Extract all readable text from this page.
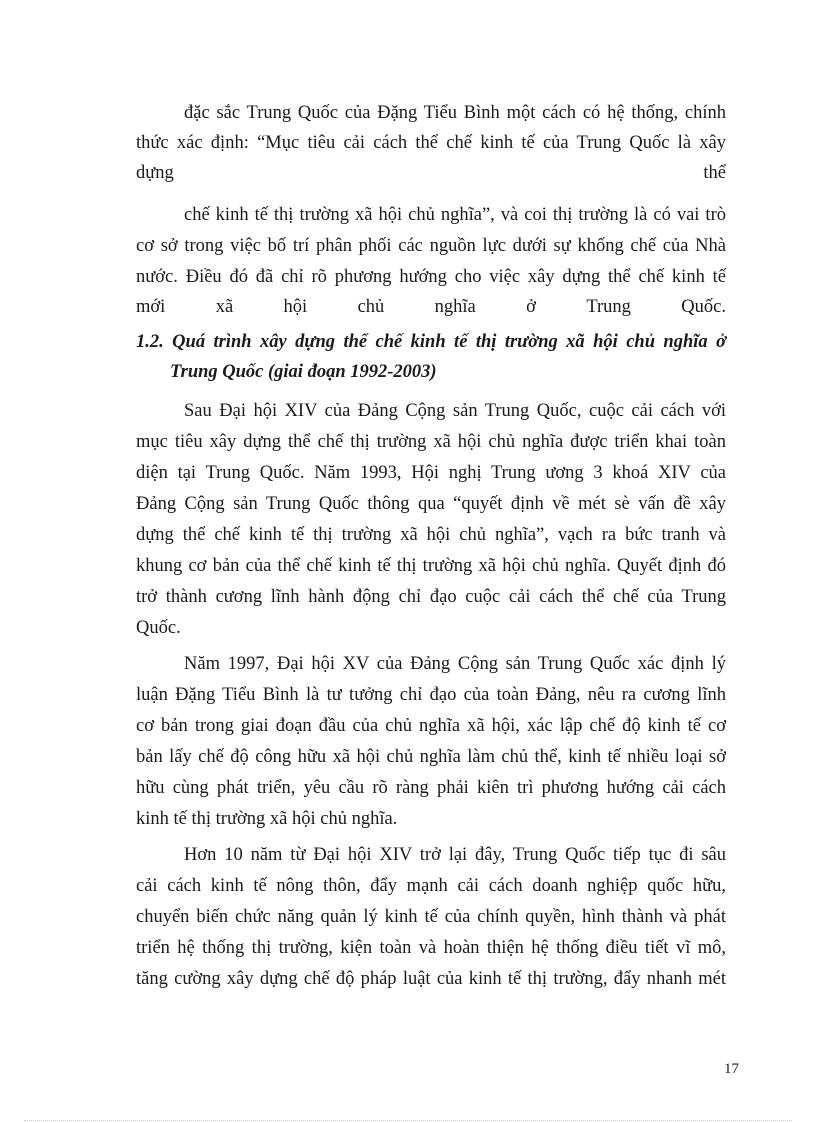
đặc sắc Trung Quốc của Đặng Tiểu Bình một cách có hệ thống, chính
thức xác định: “Mục tiêu cải cách thể chế kinh tế của Trung Quốc là xây
dựng	thể
chế kinh tế thị trường xã hội chủ nghĩa”, và coi thị trường là có vai trò
cơ sở trong việc bố trí phân phối các nguồn lực dưới sự khống chế của Nhà
nước. Điều đó đã chỉ rõ phương hướng cho việc xây dựng thể chế kinh tế
mới	xã	hội	chủ	nghĩa	ở	Trung	Quốc.
1.2. Quá trình xây dựng thể chế kinh tế thị trường xã hội chủ nghĩa ở
Trung Quốc (giai đoạn 1992-2003)
Sau Đại hội XIV của Đảng Cộng sản Trung Quốc, cuộc cải cách với
mục tiêu xây dựng thể chế thị trường xã hội chủ nghĩa được triển khai toàn
diện tại Trung Quốc. Năm 1993, Hội nghị Trung ương 3 khoá XIV của
Đảng Cộng sản Trung Quốc thông qua “quyết định về mét sè vấn đề xây
dựng thể chế kinh tế thị trường xã hội chủ nghĩa”, vạch ra bức tranh và
khung cơ bản của thể chế kinh tế thị trường xã hội chủ nghĩa. Quyết định đó
trở thành cương lĩnh hành động chỉ đạo cuộc cải cách thể chế của Trung
Quốc.
Năm 1997, Đại hội XV của Đảng Cộng sản Trung Quốc xác định lý
luận Đặng Tiểu Bình là tư tưởng chỉ đạo của toàn Đảng, nêu ra cương lĩnh
cơ bản trong giai đoạn đầu của chủ nghĩa xã hội, xác lập chế độ kinh tế cơ
bản lấy chế độ công hữu xã hội chủ nghĩa làm chủ thể, kinh tế nhiều loại sở
hữu cùng phát triển, yêu cầu rõ ràng phải kiên trì phương hướng cải cách
kinh tế thị trường xã hội chủ nghĩa.
Hơn 10 năm từ Đại hội XIV trở lại đây, Trung Quốc tiếp tục đi sâu
cải cách kinh tế nông thôn, đẩy mạnh cải cách doanh nghiệp quốc hữu,
chuyển biến chức năng quản lý kinh tế của chính quyền, hình thành và phát
triển hệ thống thị trường, kiện toàn và hoàn thiện hệ thống điều tiết vĩ mô,
tăng cường xây dựng chế độ pháp luật của kinh tế thị trường, đẩy nhanh mét
17
